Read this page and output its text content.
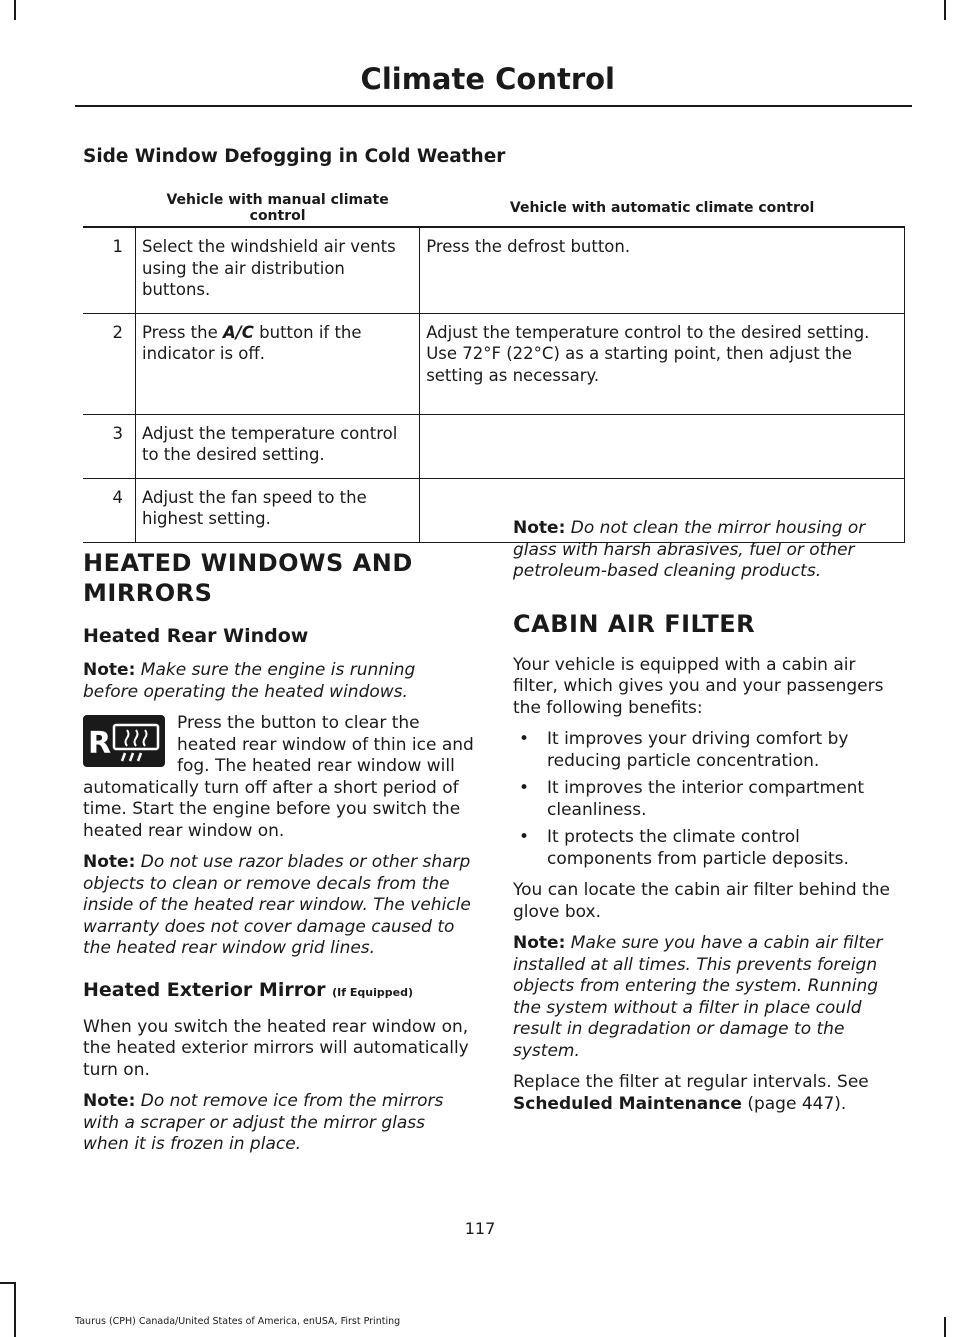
Climate Control
Side Window Defogging in Cold Weather
	Vehicle with manual climate control	Vehicle with automatic climate control
1	Select the windshield air vents using the air distribution buttons.	Press the defrost button.
2	Press the A/C button if the indicator is off.	Adjust the temperature control to the desired setting. Use 72°F (22°C) as a starting point, then adjust the setting as necessary.
3	Adjust the temperature control to the desired setting.	
4	Adjust the fan speed to the highest setting.	
HEATED WINDOWS AND
MIRRORS
Heated Rear Window

Note: Make sure the engine is running before operating the heated windows.

R
Press the button to clear the heated rear window of thin ice and fog. The heated rear window will automatically turn off after a short period of time. Start the engine before you switch the heated rear window on.

Note: Do not use razor blades or other sharp objects to clean or remove decals from the inside of the heated rear window. The vehicle warranty does not cover damage caused to the heated rear window grid lines.

Heated Exterior Mirror (If Equipped)

When you switch the heated rear window on, the heated exterior mirrors will automatically turn on.

Note: Do not remove ice from the mirrors with a scraper or adjust the mirror glass when it is frozen in place.

Note: Do not clean the mirror housing or glass with harsh abrasives, fuel or other petroleum-based cleaning products.

CABIN AIR FILTER

Your vehicle is equipped with a cabin air filter, which gives you and your passengers the following benefits:

• It improves your driving comfort by reducing particle concentration.
• It improves the interior compartment cleanliness.
• It protects the climate control components from particle deposits.

You can locate the cabin air filter behind the glove box.

Note: Make sure you have a cabin air filter installed at all times. This prevents foreign objects from entering the system. Running the system without a filter in place could result in degradation or damage to the system.

Replace the filter at regular intervals. See Scheduled Maintenance (page 447).

117
Taurus (CPH) Canada/United States of America, enUSA, First Printing
